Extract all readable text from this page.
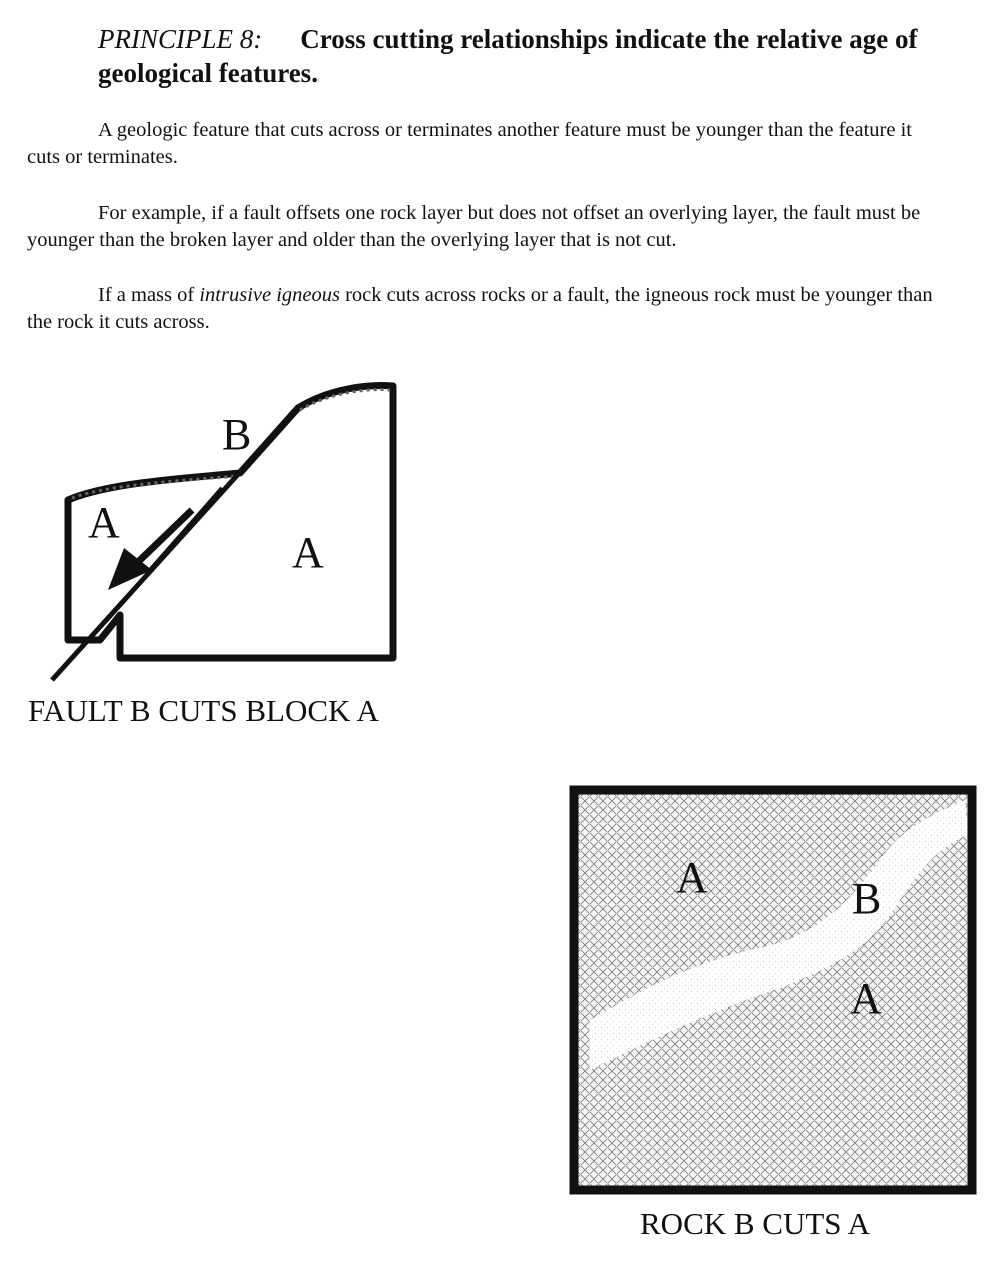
PRINCIPLE 8: Cross cutting relationships indicate the relative age of geological features.

A geologic feature that cuts across or terminates another feature must be younger than the feature it cuts or terminates.

For example, if a fault offsets one rock layer but does not offset an overlying layer, the fault must be younger than the broken layer and older than the overlying layer that is not cut.

If a mass of intrusive igneous rock cuts across rocks or a fault, the igneous rock must be younger than the rock it cuts across.

B
A
A
A	B
A
FAULT B CUTS BLOCK A
ROCK B CUTS A
